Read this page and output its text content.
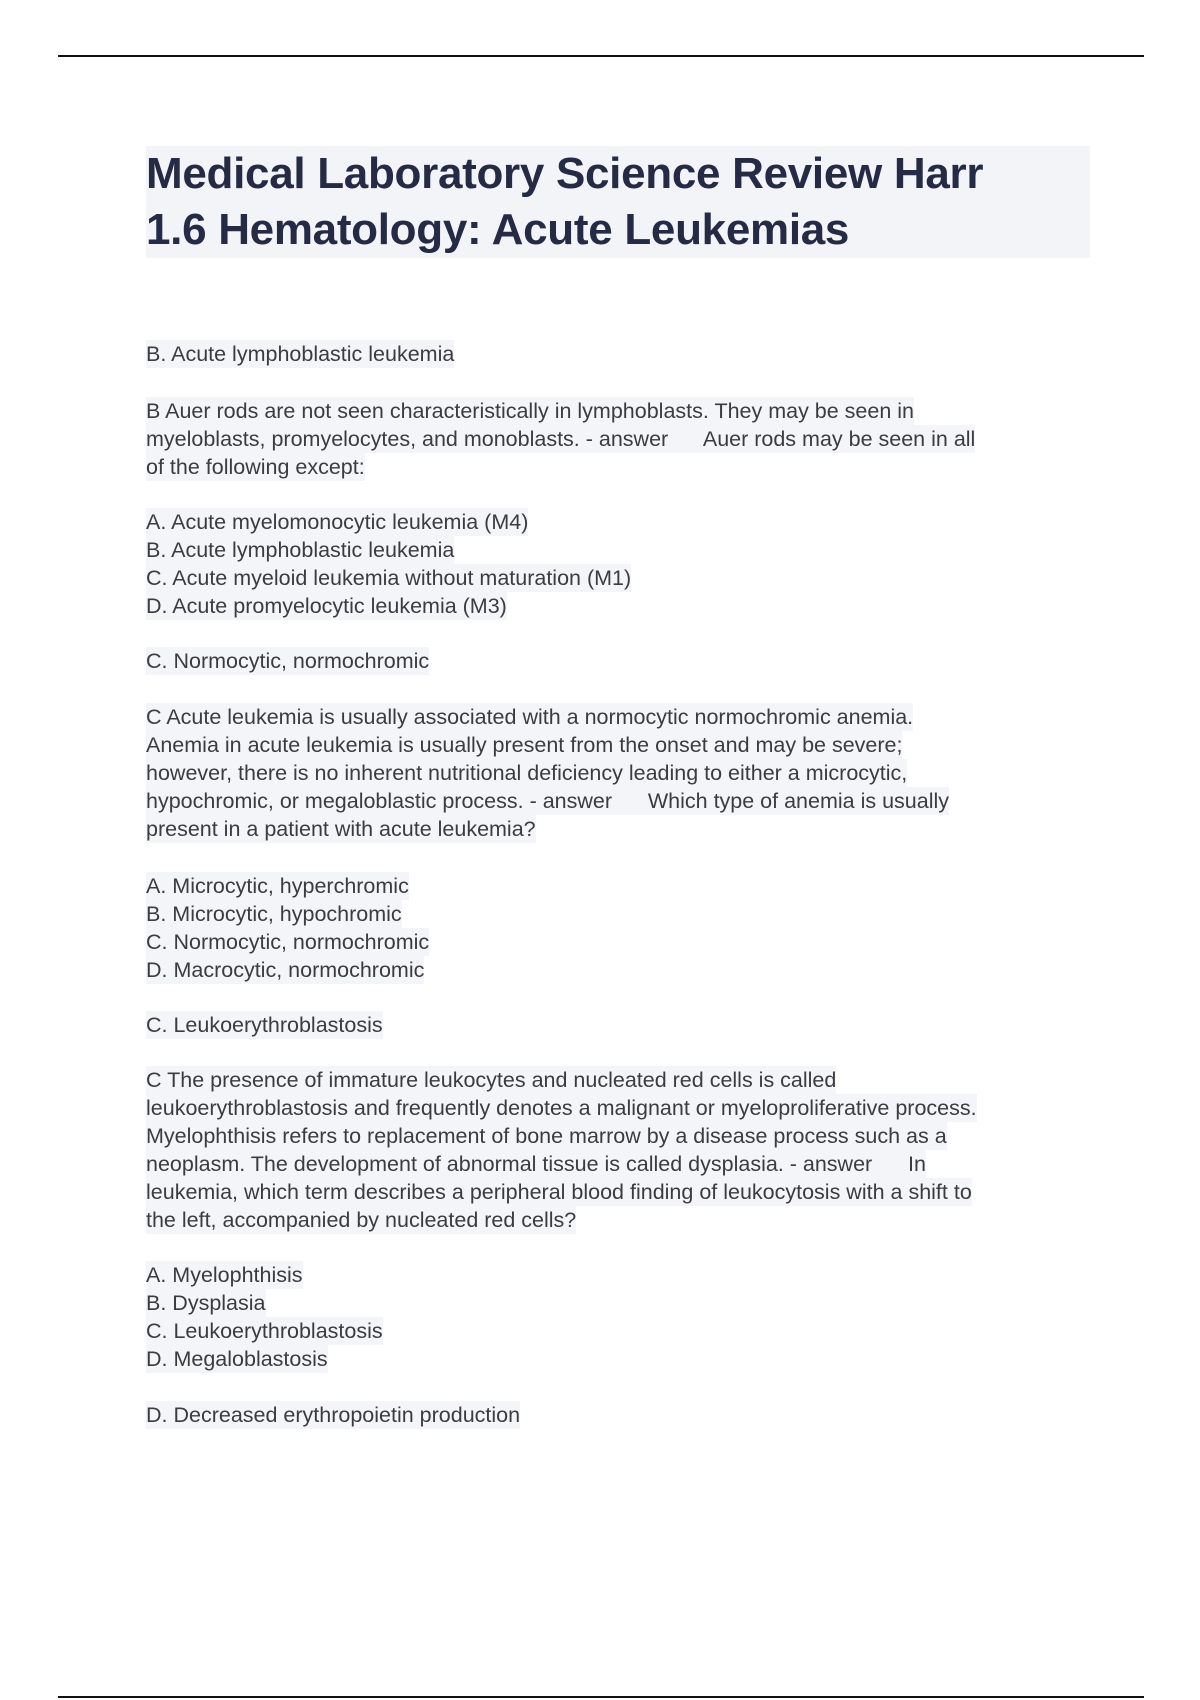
Medical Laboratory Science Review Harr
1.6 Hematology: Acute Leukemias
B. Acute lymphoblastic leukemia
B Auer rods are not seen characteristically in lymphoblasts. They may be seen in
myeloblasts, promyelocytes, and monoblasts. - answer      Auer rods may be seen in all
of the following except:
A. Acute myelomonocytic leukemia (M4)
B. Acute lymphoblastic leukemia
C. Acute myeloid leukemia without maturation (M1)
D. Acute promyelocytic leukemia (M3)
C. Normocytic, normochromic
C Acute leukemia is usually associated with a normocytic normochromic anemia.
Anemia in acute leukemia is usually present from the onset and may be severe;
however, there is no inherent nutritional deficiency leading to either a microcytic,
hypochromic, or megaloblastic process. - answer      Which type of anemia is usually
present in a patient with acute leukemia?
A. Microcytic, hyperchromic
B. Microcytic, hypochromic
C. Normocytic, normochromic
D. Macrocytic, normochromic
C. Leukoerythroblastosis
C The presence of immature leukocytes and nucleated red cells is called
leukoerythroblastosis and frequently denotes a malignant or myeloproliferative process.
Myelophthisis refers to replacement of bone marrow by a disease process such as a
neoplasm. The development of abnormal tissue is called dysplasia. - answer      In
leukemia, which term describes a peripheral blood finding of leukocytosis with a shift to
the left, accompanied by nucleated red cells?
A. Myelophthisis
B. Dysplasia
C. Leukoerythroblastosis
D. Megaloblastosis
D. Decreased erythropoietin production
